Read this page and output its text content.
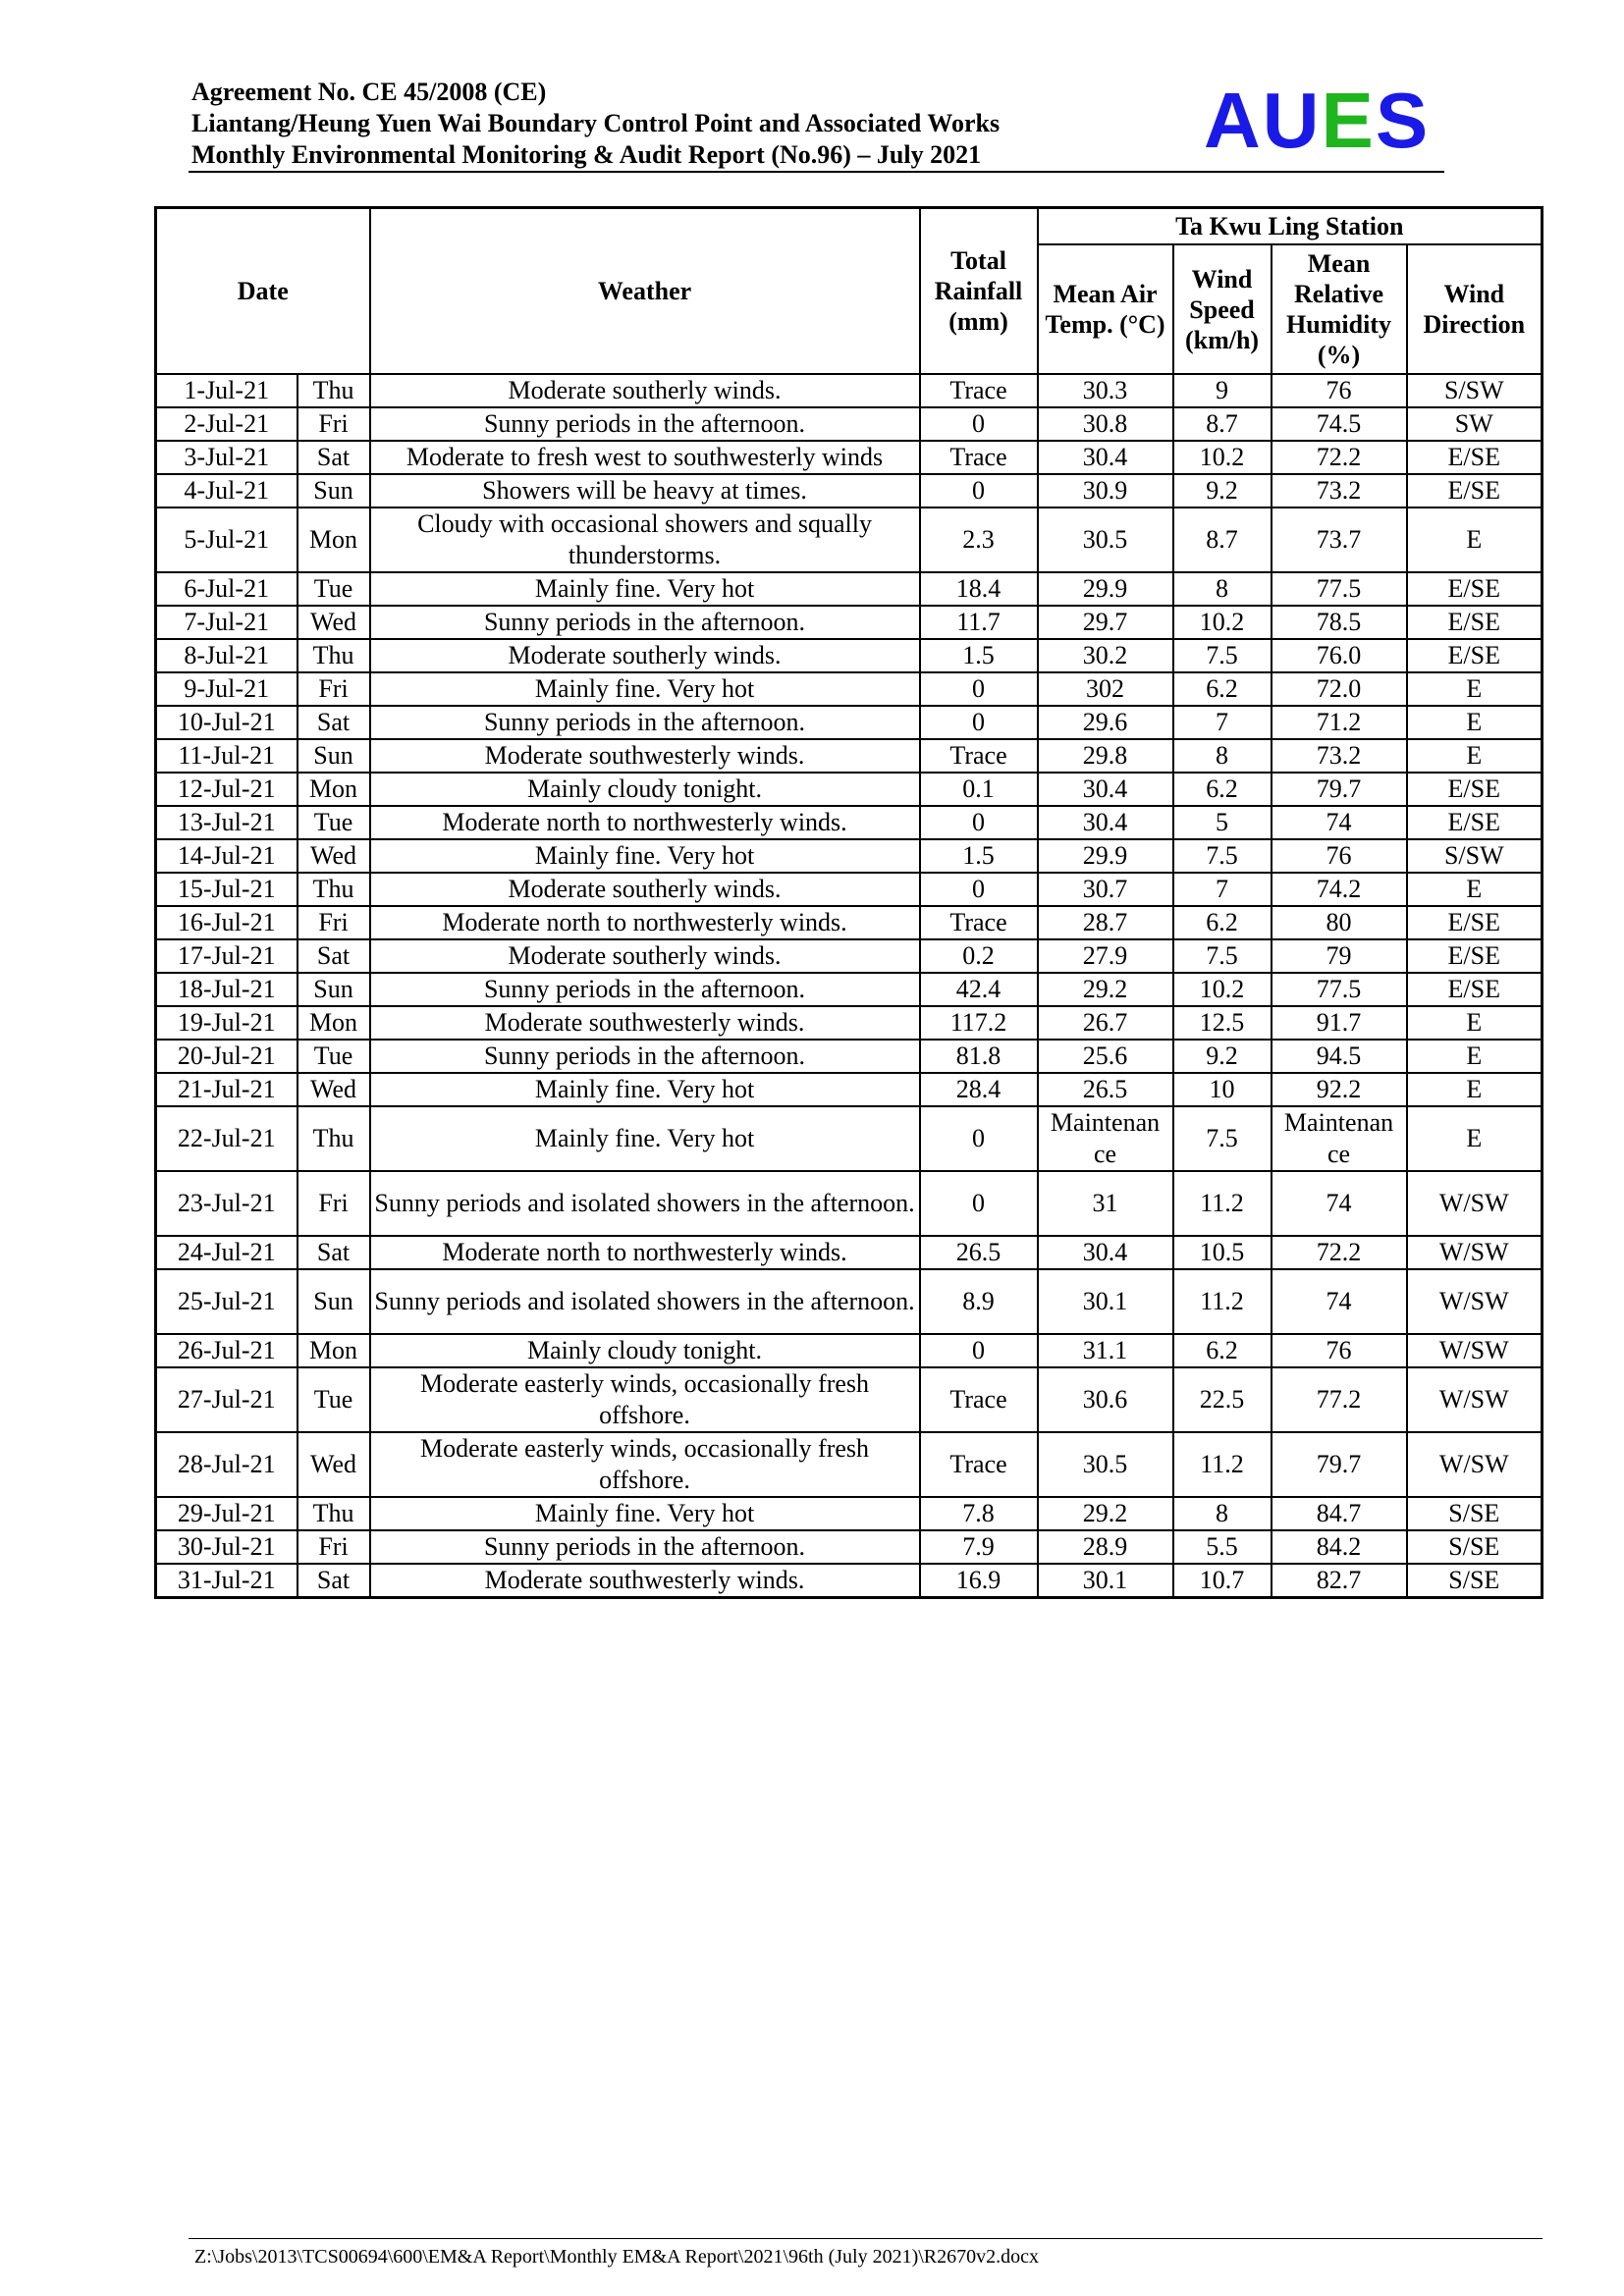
Agreement No. CE 45/2008 (CE)
Liantang/Heung Yuen Wai Boundary Control Point and Associated Works
Monthly Environmental Monitoring & Audit Report (No.96) – July 2021	AUES
Date		Weather	Total Rainfall (mm)	Ta Kwu Ling Station			
				Mean Air Temp. (°C)	Wind Speed (km/h)	Mean Relative Humidity (%)	Wind Direction
1-Jul-21	Thu	Moderate southerly winds.	Trace	30.3	9	76	S/SW
2-Jul-21	Fri	Sunny periods in the afternoon.	0	30.8	8.7	74.5	SW
3-Jul-21	Sat	Moderate to fresh west to southwesterly winds	Trace	30.4	10.2	72.2	E/SE
4-Jul-21	Sun	Showers will be heavy at times.	0	30.9	9.2	73.2	E/SE
5-Jul-21	Mon	Cloudy with occasional showers and squally thunderstorms.	2.3	30.5	8.7	73.7	E
6-Jul-21	Tue	Mainly fine. Very hot	18.4	29.9	8	77.5	E/SE
7-Jul-21	Wed	Sunny periods in the afternoon.	11.7	29.7	10.2	78.5	E/SE
8-Jul-21	Thu	Moderate southerly winds.	1.5	30.2	7.5	76.0	E/SE
9-Jul-21	Fri	Mainly fine. Very hot	0	302	6.2	72.0	E
10-Jul-21	Sat	Sunny periods in the afternoon.	0	29.6	7	71.2	E
11-Jul-21	Sun	Moderate southwesterly winds.	Trace	29.8	8	73.2	E
12-Jul-21	Mon	Mainly cloudy tonight.	0.1	30.4	6.2	79.7	E/SE
13-Jul-21	Tue	Moderate north to northwesterly winds.	0	30.4	5	74	E/SE
14-Jul-21	Wed	Mainly fine. Very hot	1.5	29.9	7.5	76	S/SW
15-Jul-21	Thu	Moderate southerly winds.	0	30.7	7	74.2	E
16-Jul-21	Fri	Moderate north to northwesterly winds.	Trace	28.7	6.2	80	E/SE
17-Jul-21	Sat	Moderate southerly winds.	0.2	27.9	7.5	79	E/SE
18-Jul-21	Sun	Sunny periods in the afternoon.	42.4	29.2	10.2	77.5	E/SE
19-Jul-21	Mon	Moderate southwesterly winds.	117.2	26.7	12.5	91.7	E
20-Jul-21	Tue	Sunny periods in the afternoon.	81.8	25.6	9.2	94.5	E
21-Jul-21	Wed	Mainly fine. Very hot	28.4	26.5	10	92.2	E
22-Jul-21	Thu	Mainly fine. Very hot	0	Maintenan ce	7.5	Maintenan ce	E
23-Jul-21	Fri	Sunny periods and isolated showers in the afternoon.	0	31	11.2	74	W/SW
24-Jul-21	Sat	Moderate north to northwesterly winds.	26.5	30.4	10.5	72.2	W/SW
25-Jul-21	Sun	Sunny periods and isolated showers in the afternoon.	8.9	30.1	11.2	74	W/SW
26-Jul-21	Mon	Mainly cloudy tonight.	0	31.1	6.2	76	W/SW
27-Jul-21	Tue	Moderate easterly winds, occasionally fresh offshore.	Trace	30.6	22.5	77.2	W/SW
28-Jul-21	Wed	Moderate easterly winds, occasionally fresh offshore.	Trace	30.5	11.2	79.7	W/SW
29-Jul-21	Thu	Mainly fine. Very hot	7.8	29.2	8	84.7	S/SE
30-Jul-21	Fri	Sunny periods in the afternoon.	7.9	28.9	5.5	84.2	S/SE
31-Jul-21	Sat	Moderate southwesterly winds.	16.9	30.1	10.7	82.7	S/SE
Z:\Jobs\2013\TCS00694\600\EM&A Report\Monthly EM&A Report\2021\96th (July 2021)\R2670v2.docx
